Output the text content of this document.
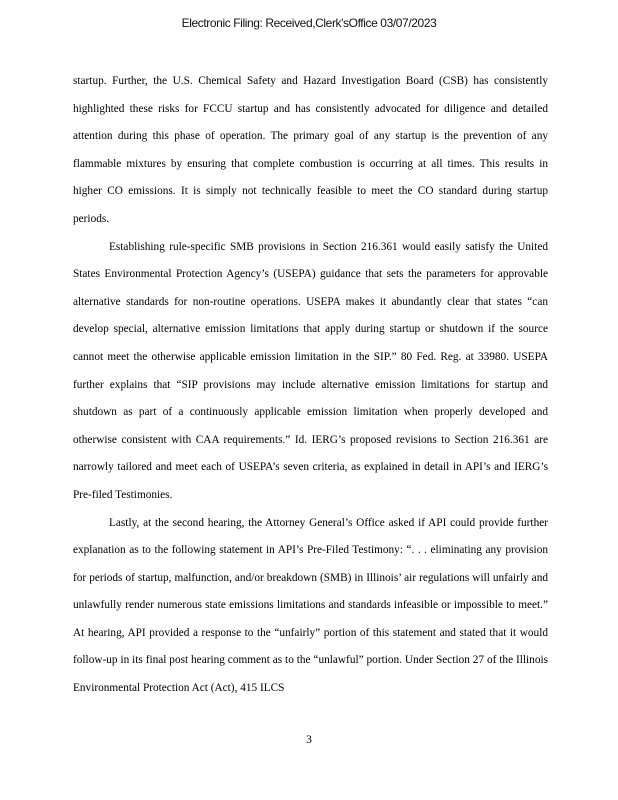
Electronic Filing: Received,Clerk'sOffice 03/07/2023

startup. Further, the U.S. Chemical Safety and Hazard Investigation Board (CSB) has consistently highlighted these risks for FCCU startup and has consistently advocated for diligence and detailed attention during this phase of operation. The primary goal of any startup is the prevention of any flammable mixtures by ensuring that complete combustion is occurring at all times. This results in higher CO emissions. It is simply not technically feasible to meet the CO standard during startup periods.

Establishing rule-specific SMB provisions in Section 216.361 would easily satisfy the United States Environmental Protection Agency’s (USEPA) guidance that sets the parameters for approvable alternative standards for non-routine operations. USEPA makes it abundantly clear that states “can develop special, alternative emission limitations that apply during startup or shutdown if the source cannot meet the otherwise applicable emission limitation in the SIP.” 80 Fed. Reg. at 33980. USEPA further explains that “SIP provisions may include alternative emission limitations for startup and shutdown as part of a continuously applicable emission limitation when properly developed and otherwise consistent with CAA requirements.” Id. IERG’s proposed revisions to Section 216.361 are narrowly tailored and meet each of USEPA’s seven criteria, as explained in detail in API’s and IERG’s Pre-filed Testimonies.

Lastly, at the second hearing, the Attorney General’s Office asked if API could provide further explanation as to the following statement in API’s Pre-Filed Testimony: “. . . eliminating any provision for periods of startup, malfunction, and/or breakdown (SMB) in Illinois’ air regulations will unfairly and unlawfully render numerous state emissions limitations and standards infeasible or impossible to meet.” At hearing, API provided a response to the “unfairly” portion of this statement and stated that it would follow-up in its final post hearing comment as to the “unlawful” portion. Under Section 27 of the Illinois Environmental Protection Act (Act), 415 ILCS

3
